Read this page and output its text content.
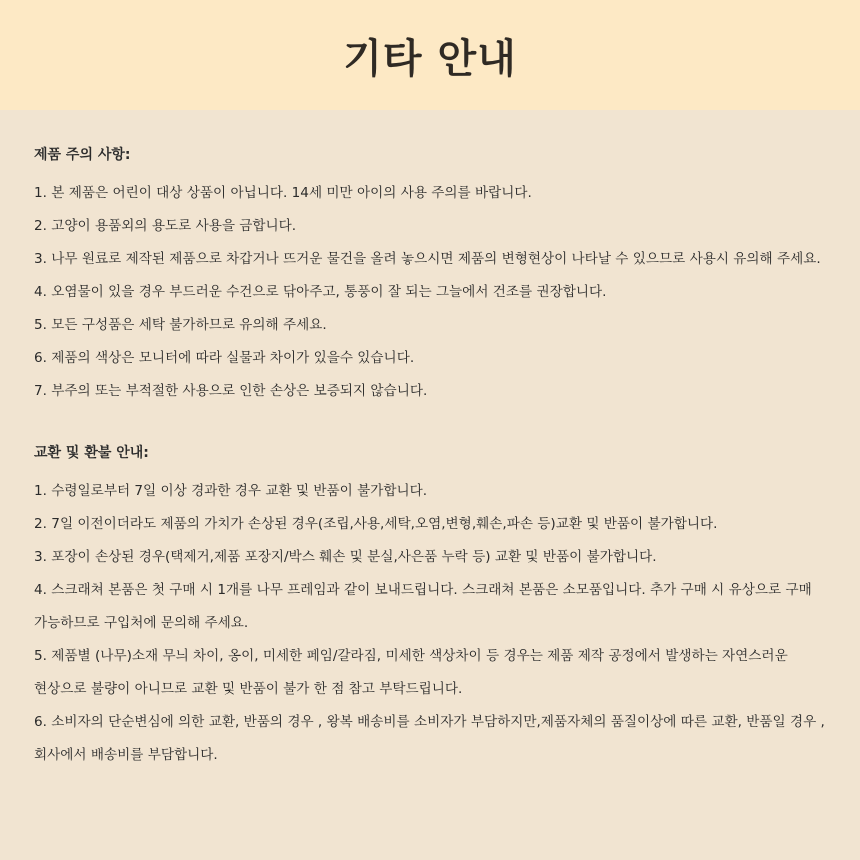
기타 안내
제품 주의 사항:
1. 본 제품은 어린이 대상 상품이 아닙니다. 14세 미만 아이의 사용 주의를 바랍니다.
2. 고양이 용품외의 용도로 사용을 금합니다.
3. 나무 원료로 제작된 제품으로 차갑거나 뜨거운 물건을 올려 놓으시면 제품의 변형현상이 나타날 수 있으므로 사용시 유의해 주세요.
4. 오염물이 있을 경우 부드러운 수건으로 닦아주고, 통풍이 잘 되는 그늘에서 건조를 권장합니다.
5. 모든 구성품은 세탁 불가하므로 유의해 주세요.
6. 제품의 색상은 모니터에 따라 실물과 차이가 있을수 있습니다.
7. 부주의 또는 부적절한 사용으로 인한 손상은 보증되지 않습니다.
교환 및 환불 안내:
1. 수령일로부터 7일 이상 경과한 경우 교환 및 반품이 불가합니다.
2. 7일 이전이더라도 제품의 가치가 손상된 경우(조립,사용,세탁,오염,변형,훼손,파손 등)교환 및 반품이 불가합니다.
3. 포장이 손상된 경우(택제거,제품 포장지/박스 훼손 및 분실,사은품 누락 등) 교환 및 반품이 불가합니다.
4. 스크래쳐 본품은 첫 구매 시 1개를 나무 프레임과 같이 보내드립니다. 스크래쳐 본품은 소모품입니다. 추가 구매 시 유상으로 구매 가능하므로 구입처에 문의해 주세요.
5. 제품별 (나무)소재 무늬 차이, 옹이, 미세한 페임/갈라짐, 미세한 색상차이 등 경우는 제품 제작 공정에서 발생하는 자연스러운 현상으로 불량이 아니므로 교환 및 반품이 불가 한 점 참고 부탁드립니다.
6. 소비자의 단순변심에 의한 교환, 반품의 경우 , 왕복 배송비를 소비자가 부담하지만,제품자체의 품질이상에 따른 교환, 반품일 경우 , 회사에서 배송비를 부담합니다.
